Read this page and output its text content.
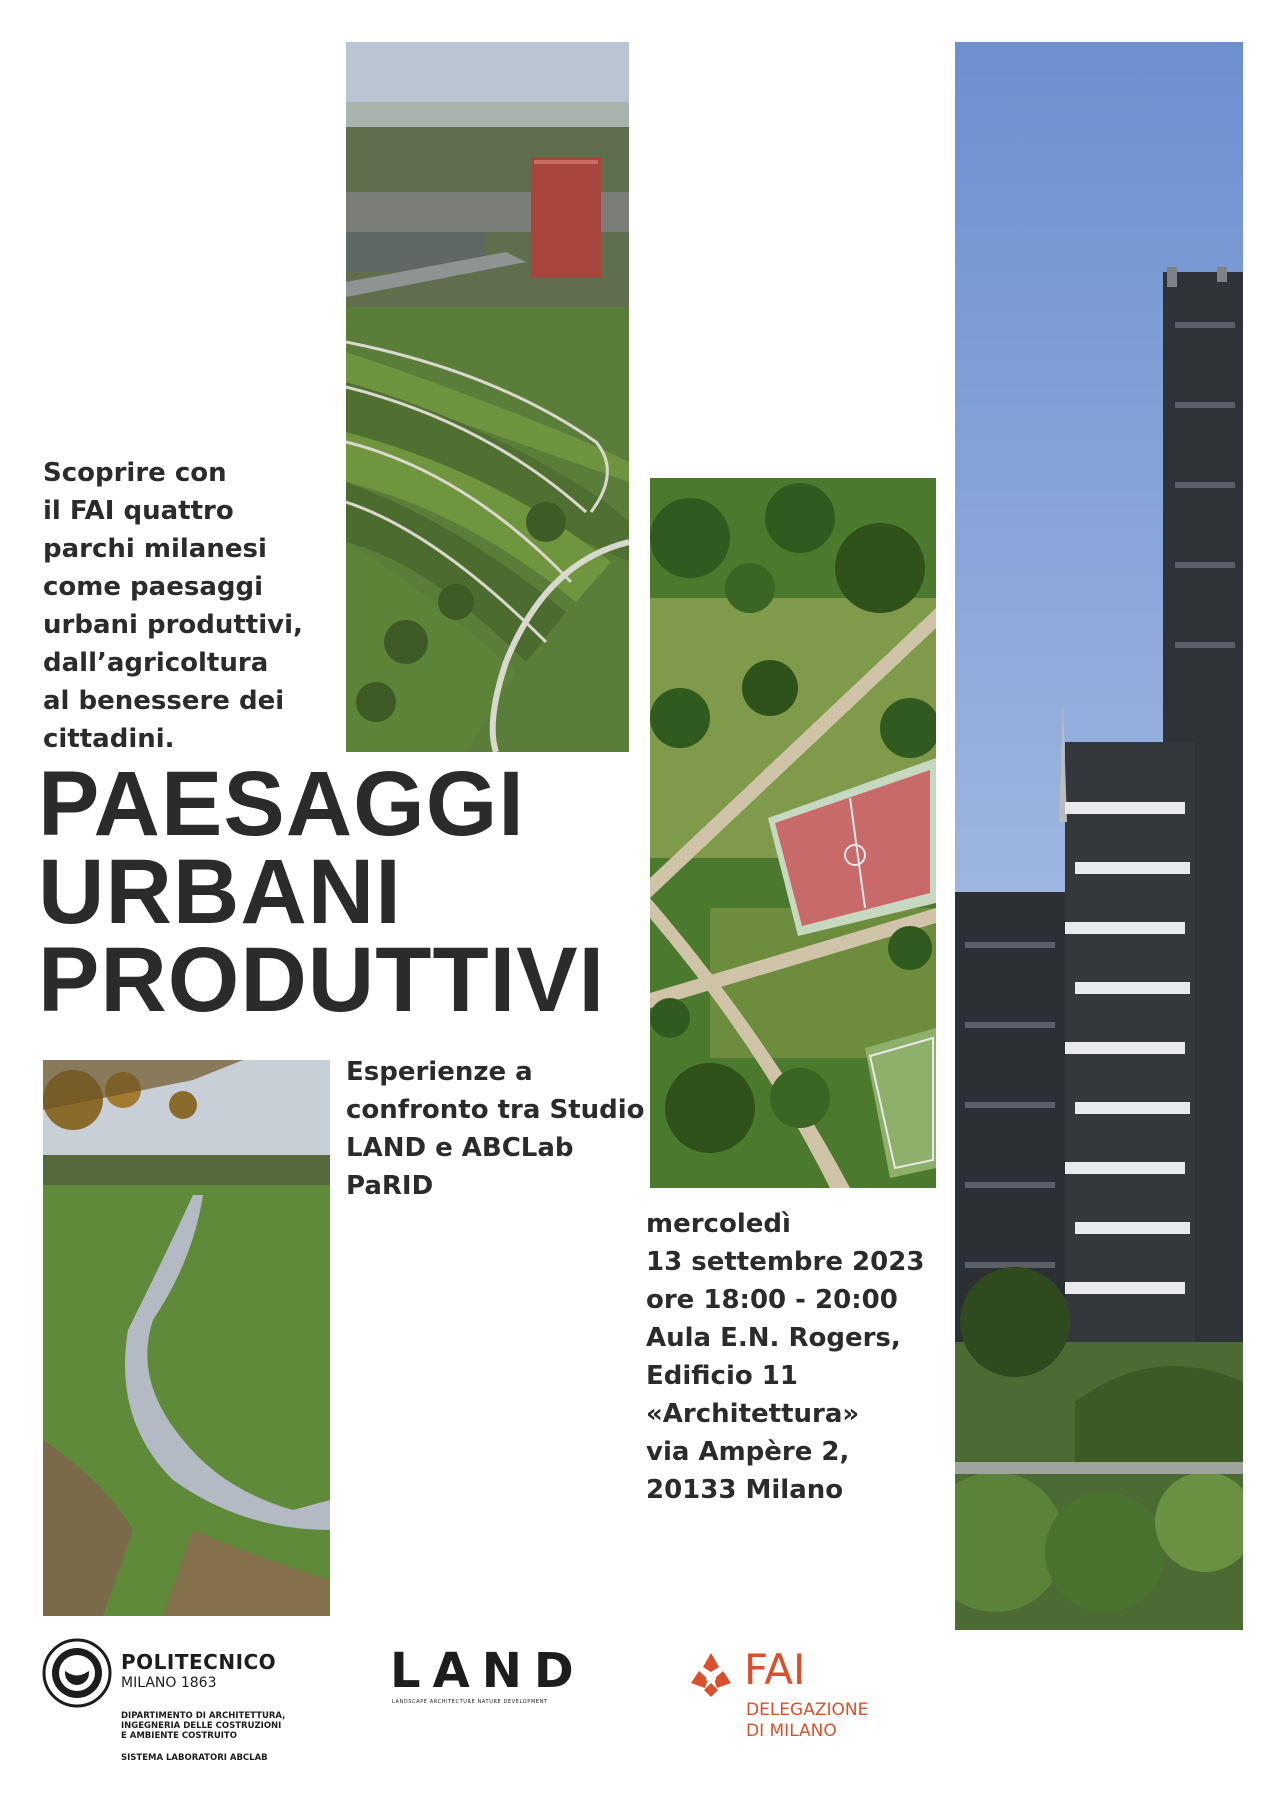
Scoprire con
il FAI quattro
parchi milanesi
come paesaggi
urbani produttivi,
dall’agricoltura
al benessere dei
cittadini.
PAESAGGI
URBANI
PRODUTTIVI
Esperienze a
confronto tra Studio
LAND e ABCLab
PaRID
mercoledì
13 settembre 2023
ore 18:00 - 20:00
Aula E.N. Rogers,
Edificio 11
«Architettura»
via Ampère 2,
20133 Milano
POLITECNICO
MILANO 1863
DIPARTIMENTO DI ARCHITETTURA,
INGEGNERIA DELLE COSTRUZIONI
E AMBIENTE COSTRUITO
SISTEMA LABORATORI ABCLAB
LAND
LANDSCAPE ARCHITECTURE NATURE DEVELOPMENT
FAI
DELEGAZIONE
DI MILANO
